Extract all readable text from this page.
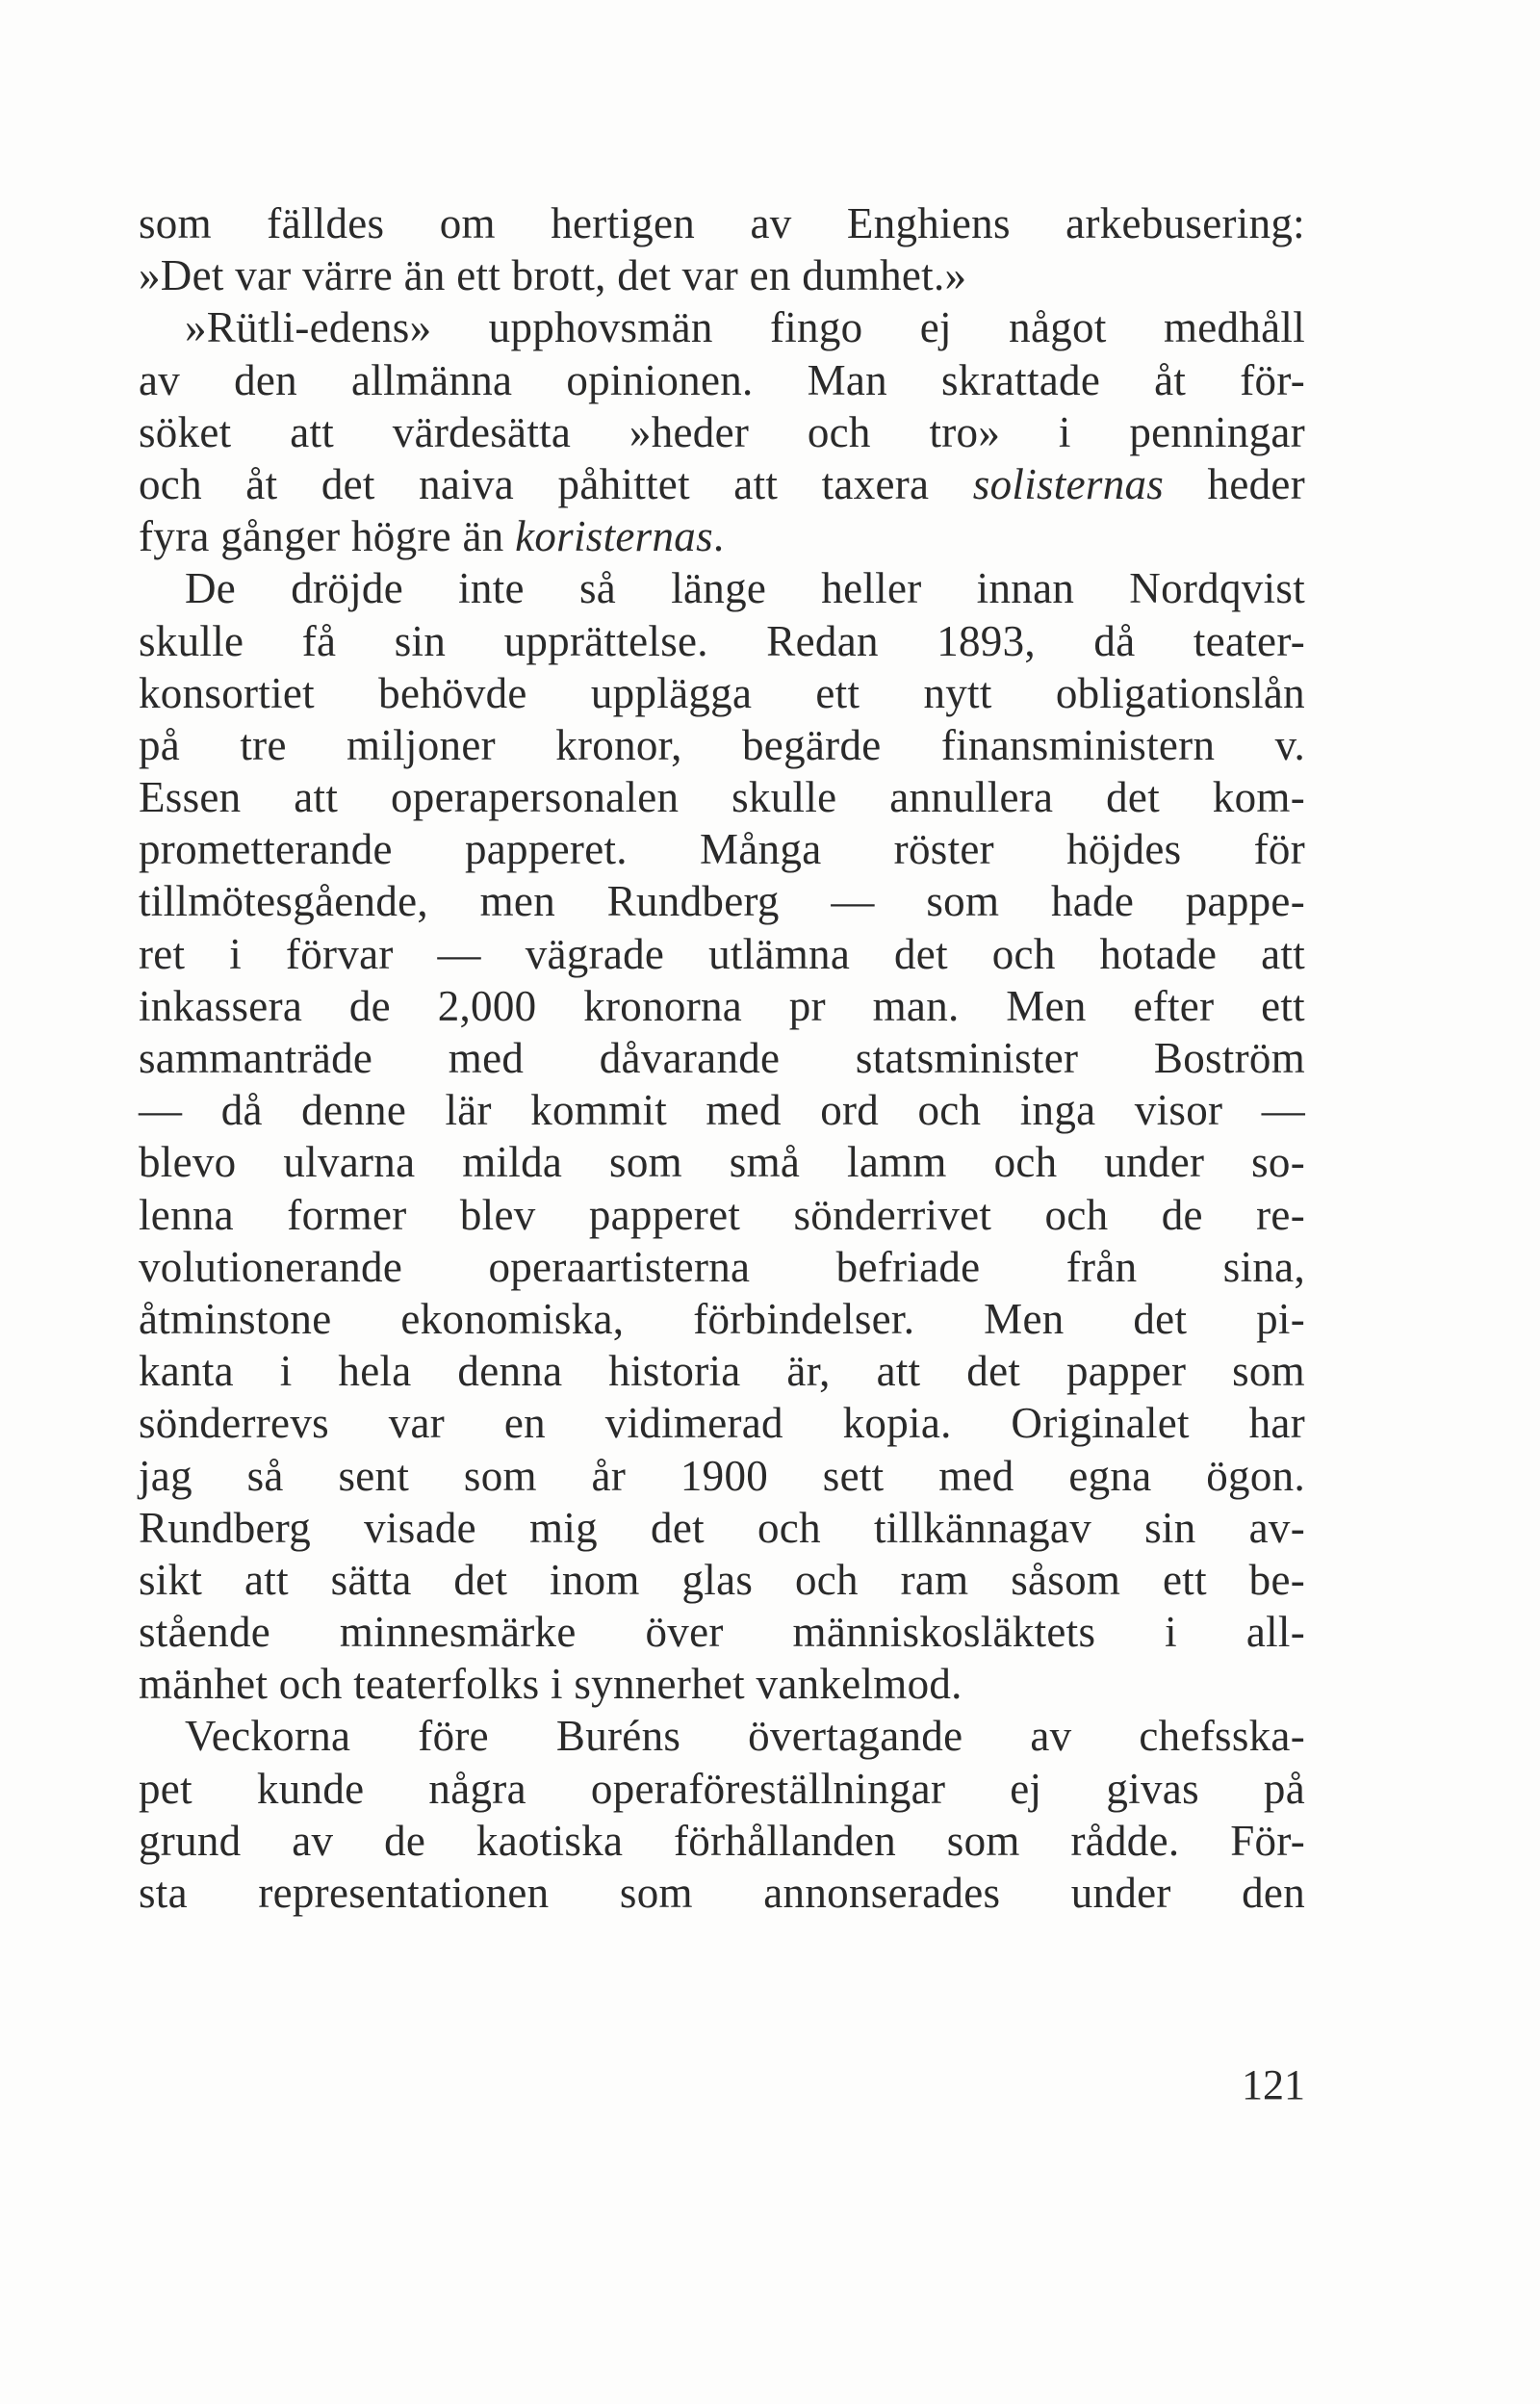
som fälldes om hertigen av Enghiens arkebusering:
»Det var värre än ett brott, det var en dumhet.»
»Rütli-edens» upphovsmän fingo ej något medhåll
av den allmänna opinionen. Man skrattade åt för-
söket att värdesätta »heder och tro» i penningar
och åt det naiva påhittet att taxera solisternas heder
fyra gånger högre än koristernas.
De dröjde inte så länge heller innan Nordqvist
skulle få sin upprättelse. Redan 1893, då teater-
konsortiet behövde upplägga ett nytt obligationslån
på tre miljoner kronor, begärde finansministern v.
Essen att operapersonalen skulle annullera det kom-
prometterande papperet. Många röster höjdes för
tillmötesgående, men Rundberg — som hade pappe-
ret i förvar — vägrade utlämna det och hotade att
inkassera de 2,000 kronorna pr man. Men efter ett
sammanträde med dåvarande statsminister Boström
— då denne lär kommit med ord och inga visor —
blevo ulvarna milda som små lamm och under so-
lenna former blev papperet sönderrivet och de re-
volutionerande operaartisterna befriade från sina,
åtminstone ekonomiska, förbindelser. Men det pi-
kanta i hela denna historia är, att det papper som
sönderrevs var en vidimerad kopia. Originalet har
jag så sent som år 1900 sett med egna ögon.
Rundberg visade mig det och tillkännagav sin av-
sikt att sätta det inom glas och ram såsom ett be-
stående minnesmärke över människosläktets i all-
mänhet och teaterfolks i synnerhet vankelmod.
Veckorna före Buréns övertagande av chefsska-
pet kunde några operaföreställningar ej givas på
grund av de kaotiska förhållanden som rådde. För-
sta representationen som annonserades under den
121
